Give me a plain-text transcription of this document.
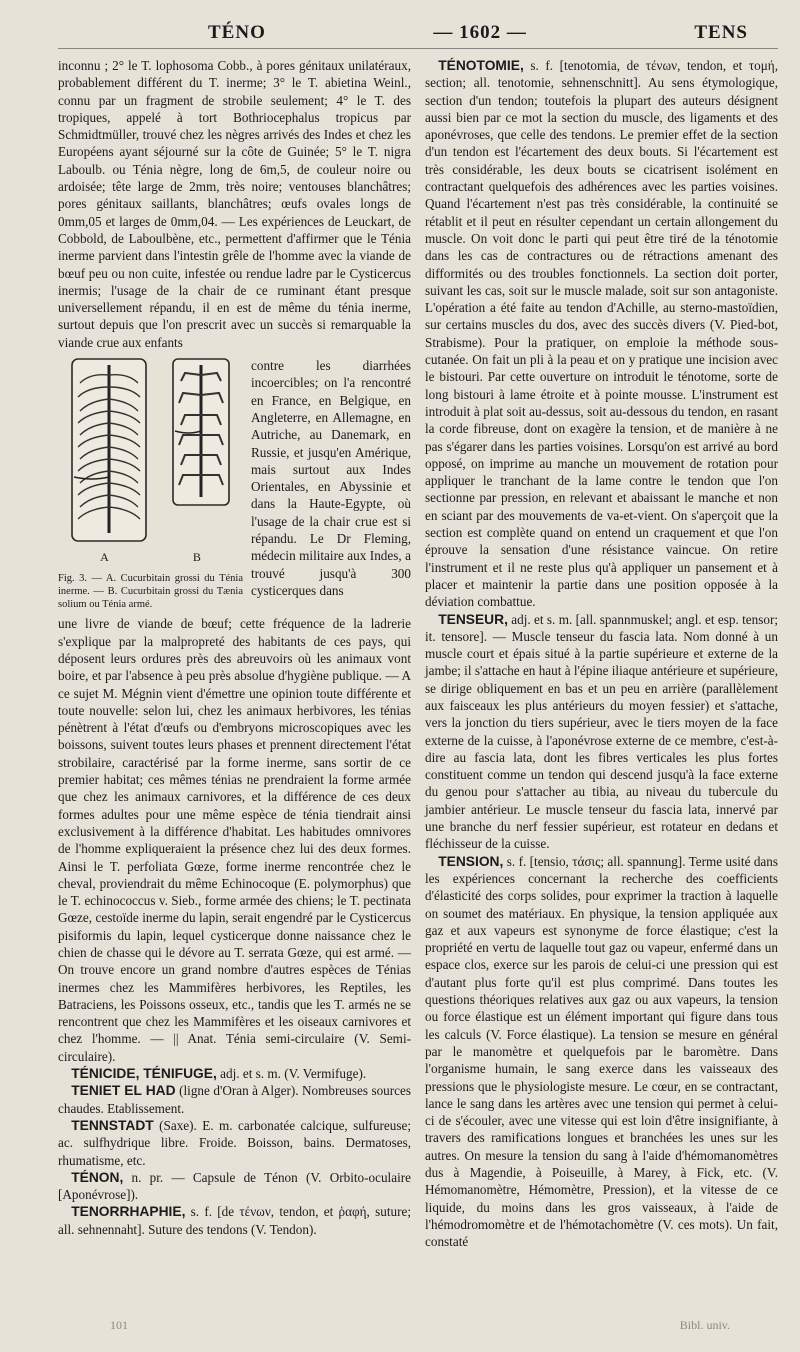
TÉNO	— 1602 —	TENS

inconnu ; 2° le T. lophosoma Cobb., à pores génitaux unilatéraux, probablement différent du T. inerme; 3° le T. abietina Weinl., connu par un fragment de strobile seulement; 4° le T. des tropiques, appelé à tort Bothriocephalus tropicus par Schmidtmüller, trouvé chez les nègres arrivés des Indes et chez les Européens ayant séjourné sur la côte de Guinée; 5° le T. nigra Laboulb. ou Ténia nègre, long de 6m,5, de couleur noire ou ardoisée; tête large de 2mm, très noire; ventouses blanchâtres; pores génitaux saillants, blanchâtres; œufs ovales longs de 0mm,05 et larges de 0mm,04. — Les expériences de Leuckart, de Cobbold, de Laboulbène, etc., permettent d'affirmer que le Ténia inerme parvient dans l'intestin grêle de l'homme avec la viande de bœuf peu ou non cuite, infestée ou rendue ladre par le Cysticercus inermis; l'usage de la chair de ce ruminant étant presque universellement répandu, il en est de même du ténia inerme, surtout depuis que l'on prescrit avec un succès si remarquable la viande crue aux enfants

A	B
Fig. 3. — A. Cucurbitain grossi du Ténia inerme. — B. Cucurbitain grossi du Tænia solium ou Ténia armé.
contre les diarrhées incoercibles; on l'a rencontré en France, en Belgique, en Angleterre, en Allemagne, en Autriche, au Danemark, en Russie, et jusqu'en Amérique, mais surtout aux Indes Orientales, en Abyssinie et dans la Haute-Egypte, où l'usage de la chair crue est si répandu. Le Dr Fleming, médecin militaire aux Indes, a trouvé jusqu'à 300 cysticerques dans

une livre de viande de bœuf; cette fréquence de la ladrerie s'explique par la malpropreté des habitants de ces pays, qui déposent leurs ordures près des abreuvoirs où les animaux vont boire, et par l'absence à peu près absolue d'hygiène publique. — A ce sujet M. Mégnin vient d'émettre une opinion toute différente et toute nouvelle: selon lui, chez les animaux herbivores, les ténias pénètrent à l'état d'œufs ou d'embryons microscopiques avec les boissons, suivent toutes leurs phases et prennent directement l'état strobilaire, caractérisé par la forme inerme, sans sortir de ce premier habitat; ces mêmes ténias ne prendraient la forme armée que chez les animaux carnivores, et la différence de ces deux formes adultes pour une même espèce de ténia tiendrait ainsi exclusivement à la différence d'habitat. Les habitudes omnivores de l'homme expliqueraient la présence chez lui des deux formes. Ainsi le T. perfoliata Gœze, forme inerme rencontrée chez le cheval, proviendrait du même Echinocoque (E. polymorphus) que le T. echinococcus v. Sieb., forme armée des chiens; le T. pectinata Gœze, cestoïde inerme du lapin, serait engendré par le Cysticercus pisiformis du lapin, lequel cysticerque donne naissance chez le chien de chasse qui le dévore au T. serrata Gœze, qui est armé. — On trouve encore un grand nombre d'autres espèces de Ténias inermes chez les Mammifères herbivores, les Reptiles, les Batraciens, les Poissons osseux, etc., tandis que les T. armés ne se rencontrent que chez les Mammifères et les oiseaux carnivores et chez l'homme. — || Anat. Ténia semi-circulaire (V. Semi-circulaire).

TÉNICIDE, TÉNIFUGE, adj. et s. m. (V. Vermifuge).

TENIET EL HAD (ligne d'Oran à Alger). Nombreuses sources chaudes. Etablissement.

TENNSTADT (Saxe). E. m. carbonatée calcique, sulfureuse; ac. sulfhydrique libre. Froide. Boisson, bains. Dermatoses, rhumatisme, etc.

TÉNON, n. pr. — Capsule de Ténon (V. Orbito-oculaire [Aponévrose]).

TENORRHAPHIE, s. f. [de τένων, tendon, et ῥαφή, suture; all. sehnennaht]. Suture des tendons (V. Tendon).

TÉNOTOMIE, s. f. [tenotomia, de τένων, tendon, et τομή, section; all. tenotomie, sehnenschnitt]. Au sens étymologique, section d'un tendon; toutefois la plupart des auteurs désignent aussi bien par ce mot la section du muscle, des ligaments et des aponévroses, que celle des tendons. Le premier effet de la section d'un tendon est l'écartement des deux bouts. Si l'écartement est très considérable, les deux bouts se cicatrisent isolément en contractant quelquefois des adhérences avec les parties voisines. Quand l'écartement n'est pas très considérable, la continuité se rétablit et il peut en résulter cependant un certain allongement du muscle. On voit donc le parti qui peut être tiré de la ténotomie dans les cas de contractures ou de rétractions amenant des difformités ou des troubles fonctionnels. La section doit porter, suivant les cas, soit sur le muscle malade, soit sur son antagoniste. L'opération a été faite au tendon d'Achille, au sterno-mastoïdien, sur certains muscles du dos, avec des succès divers (V. Pied-bot, Strabisme). Pour la pratiquer, on emploie la méthode sous-cutanée. On fait un pli à la peau et on y pratique une incision avec le bistouri. Par cette ouverture on introduit le ténotome, sorte de long bistouri à lame étroite et à pointe mousse. L'instrument est introduit à plat soit au-dessus, soit au-dessous du tendon, en rasant la corde fibreuse, dont on exagère la tension, et de manière à ne pas s'égarer dans les parties voisines. Lorsqu'on est arrivé au bord opposé, on imprime au manche un mouvement de rotation pour appliquer le tranchant de la lame contre le tendon que l'on sectionne par pression, en relevant et abaissant le manche et non en sciant par des mouvements de va-et-vient. On s'aperçoit que la section est complète quand on entend un craquement et que l'on éprouve la sensation d'une résistance vaincue. On retire l'instrument et il ne reste plus qu'à appliquer un pansement et à placer et maintenir la partie dans une position opposée à la déviation combattue.

TENSEUR, adj. et s. m. [all. spannmuskel; angl. et esp. tensor; it. tensore]. — Muscle tenseur du fascia lata. Nom donné à un muscle court et épais situé à la partie supérieure et externe de la jambe; il s'attache en haut à l'épine iliaque antérieure et supérieure, se dirige obliquement en bas et un peu en arrière (parallèlement aux faisceaux les plus antérieurs du moyen fessier) et s'attache, vers la jonction du tiers supérieur, avec le tiers moyen de la face externe de la cuisse, à l'aponévrose externe de ce membre, c'est-à-dire au fascia lata, dont les fibres verticales les plus fortes constituent comme un tendon qui descend jusqu'à la face externe du genou pour s'attacher au tibia, au niveau du tubercule du jambier antérieur. Le muscle tenseur du fascia lata, innervé par une branche du nerf fessier supérieur, est rotateur en dedans et fléchisseur de la cuisse.

TENSION, s. f. [tensio, τάσις; all. spannung]. Terme usité dans les expériences concernant la recherche des coefficients d'élasticité des corps solides, pour exprimer la traction à laquelle on soumet des matériaux. En physique, la tension appliquée aux gaz et aux vapeurs est synonyme de force élastique; c'est la propriété en vertu de laquelle tout gaz ou vapeur, enfermé dans un espace clos, exerce sur les parois de celui-ci une pression qui est d'autant plus forte qu'il est plus comprimé. Dans toutes les questions théoriques relatives aux gaz ou aux vapeurs, la tension ou force élastique est un élément important qui figure dans tous les calculs (V. Force élastique). La tension se mesure en général par le manomètre et quelquefois par le baromètre. Dans l'organisme humain, le sang exerce dans les vaisseaux des pressions que le physiologiste mesure. Le cœur, en se contractant, lance le sang dans les artères avec une tension qui permet à celui-ci de s'écouler, avec une vitesse qui est loin d'être insignifiante, à travers des ramifications longues et branchées les unes sur les autres. On mesure la tension du sang à l'aide d'hémomanomètres dus à Magendie, à Poiseuille, à Marey, à Fick, etc. (V. Hémomanomètre, Hémomètre, Pression), et la vitesse de ce liquide, du moins dans les gros vaisseaux, à l'aide de l'hémodromomètre et de l'hémotachomètre (V. ces mots). Un fait, constaté

101	Bibl. univ.
